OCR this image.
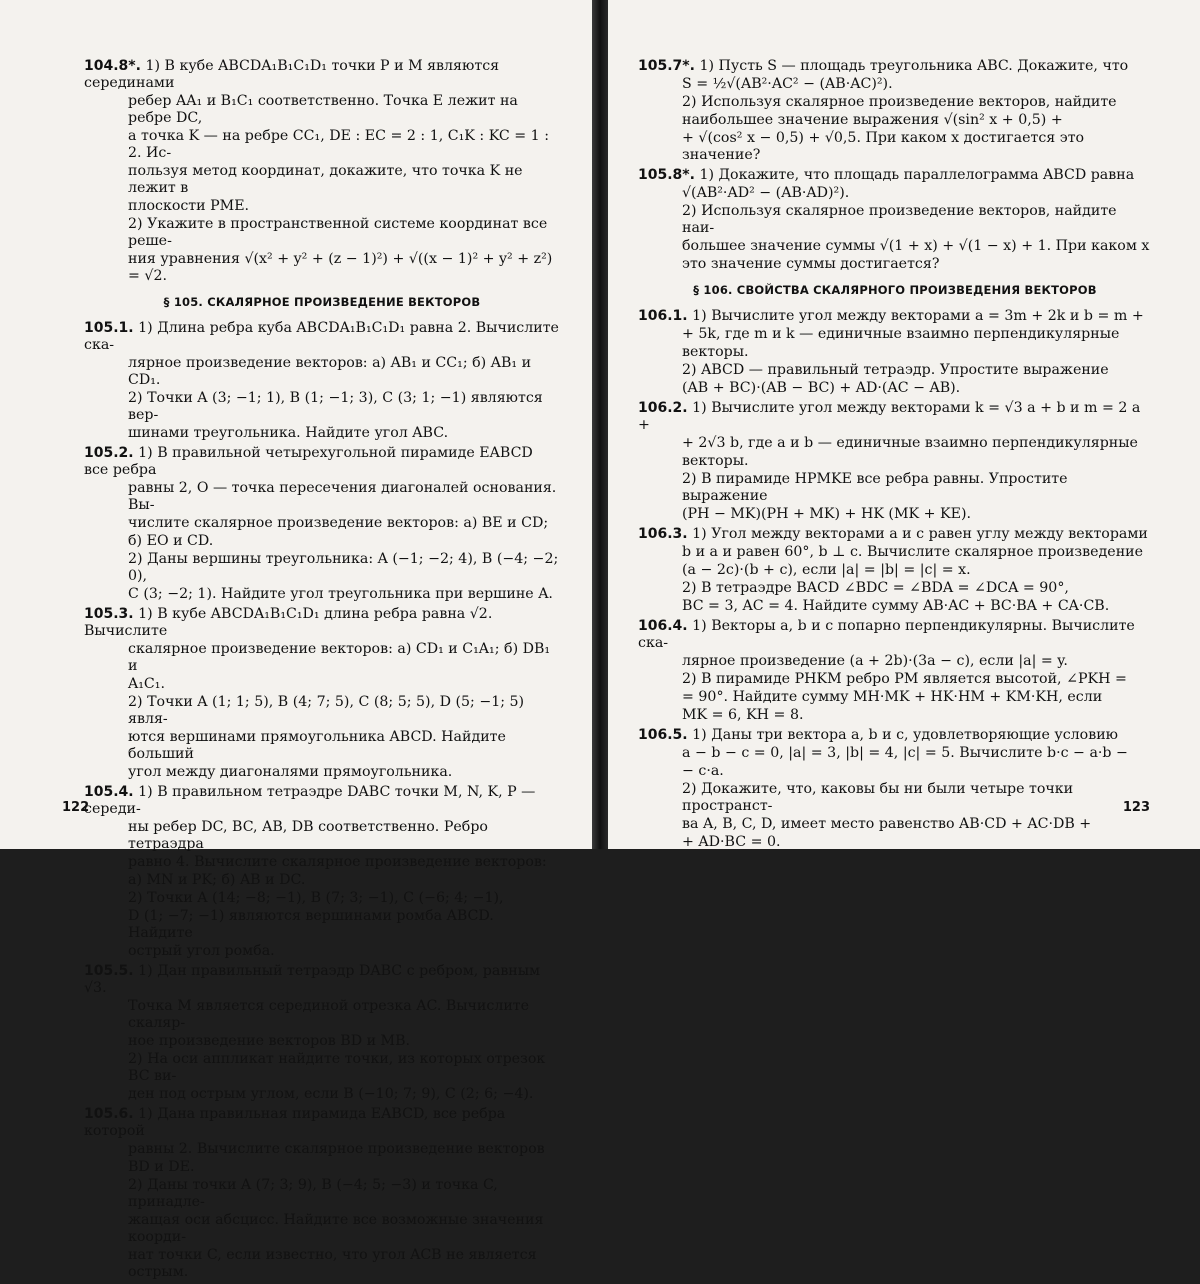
104.8*. 1) В кубе ABCDA₁B₁C₁D₁ точки P и M являются серединами
ребер AA₁ и B₁C₁ соответственно. Точка E лежит на ребре DC,
а точка K — на ребре CC₁, DE : EC = 2 : 1, C₁K : KC = 1 : 2. Ис-
пользуя метод координат, докажите, что точка K не лежит в
плоскости PME.
2) Укажите в пространственной системе координат все реше-
ния уравнения √(x² + y² + (z − 1)²) + √((x − 1)² + y² + z²) = √2.
§ 105. СКАЛЯРНОЕ ПРОИЗВЕДЕНИЕ ВЕКТОРОВ
105.1. 1) Длина ребра куба ABCDA₁B₁C₁D₁ равна 2. Вычислите ска-
лярное произведение векторов: а) AB₁ и CC₁; б) AB₁ и CD₁.
2) Точки A (3; −1; 1), B (1; −1; 3), C (3; 1; −1) являются вер-
шинами треугольника. Найдите угол ABC.
105.2. 1) В правильной четырехугольной пирамиде EABCD все ребра
равны 2, O — точка пересечения диагоналей основания. Вы-
числите скалярное произведение векторов: а) BE и CD;
б) EO и CD.
2) Даны вершины треугольника: A (−1; −2; 4), B (−4; −2; 0),
C (3; −2; 1). Найдите угол треугольника при вершине A.
105.3. 1) В кубе ABCDA₁B₁C₁D₁ длина ребра равна √2. Вычислите
скалярное произведение векторов: а) CD₁ и C₁A₁; б) DB₁ и
A₁C₁.
2) Точки A (1; 1; 5), B (4; 7; 5), C (8; 5; 5), D (5; −1; 5) явля-
ются вершинами прямоугольника ABCD. Найдите больший
угол между диагоналями прямоугольника.
105.4. 1) В правильном тетраэдре DABC точки M, N, K, P — середи-
ны ребер DC, BC, AB, DB соответственно. Ребро тетраэдра
равно 4. Вычислите скалярное произведение векторов:
а) MN и PK; б) AB и DC.
2) Точки A (14; −8; −1), B (7; 3; −1), C (−6; 4; −1),
D (1; −7; −1) являются вершинами ромба ABCD. Найдите
острый угол ромба.
105.5. 1) Дан правильный тетраэдр DABC с ребром, равным √3.
Точка M является серединой отрезка AC. Вычислите скаляр-
ное произведение векторов BD и MB.
2) На оси аппликат найдите точки, из которых отрезок BC ви-
ден под острым углом, если B (−10; 7; 9), C (2; 6; −4).
105.6. 1) Дана правильная пирамида EABCD, все ребра которой
равны 2. Вычислите скалярное произведение векторов
BD и DE.
2) Даны точки A (7; 3; 9), B (−4; 5; −3) и точка C, принадле-
жащая оси абсцисс. Найдите все возможные значения коорди-
нат точки C, если известно, что угол ACB не является острым.
122
105.7*. 1) Пусть S — площадь треугольника ABC. Докажите, что
S = ½√(AB²·AC² − (AB·AC)²).
2) Используя скалярное произведение векторов, найдите
наибольшее значение выражения √(sin² x + 0,5) +
+ √(cos² x − 0,5) + √0,5. При каком x достигается это значение?
105.8*. 1) Докажите, что площадь параллелограмма ABCD равна
√(AB²·AD² − (AB·AD)²).
2) Используя скалярное произведение векторов, найдите наи-
большее значение суммы √(1 + x) + √(1 − x) + 1. При каком x
это значение суммы достигается?
§ 106. СВОЙСТВА СКАЛЯРНОГО ПРОИЗВЕДЕНИЯ ВЕКТОРОВ
106.1. 1) Вычислите угол между векторами a = 3m + 2k и b = m +
+ 5k, где m и k — единичные взаимно перпендикулярные
векторы.
2) ABCD — правильный тетраэдр. Упростите выражение
(AB + BC)·(AB − BC) + AD·(AC − AB).
106.2. 1) Вычислите угол между векторами k = √3 a + b и m = 2 a +
+ 2√3 b, где a и b — единичные взаимно перпендикулярные
векторы.
2) В пирамиде HPMKE все ребра равны. Упростите выражение
(PH − MK)(PH + MK) + HK (MK + KE).
106.3. 1) Угол между векторами a и c равен углу между векторами
b и a и равен 60°, b ⊥ c. Вычислите скалярное произведение
(a − 2c)·(b + c), если |a| = |b| = |c| = x.
2) В тетраэдре BACD ∠BDC = ∠BDA = ∠DCA = 90°,
BC = 3, AC = 4. Найдите сумму AB·AC + BC·BA + CA·CB.
106.4. 1) Векторы a, b и c попарно перпендикулярны. Вычислите ска-
лярное произведение (a + 2b)·(3a − c), если |a| = y.
2) В пирамиде PHKM ребро PM является высотой, ∠PKH =
= 90°. Найдите сумму MH·MK + HK·HM + KM·KH, если
MK = 6, KH = 8.
106.5. 1) Даны три вектора a, b и c, удовлетворяющие условию
a − b − c = 0, |a| = 3, |b| = 4, |c| = 5. Вычислите b·c − a·b −
− c·a.
2) Докажите, что, каковы бы ни были четыре точки пространст-
ва A, B, C, D, имеет место равенство AB·CD + AC·DB +
+ AD·BC = 0.
123
